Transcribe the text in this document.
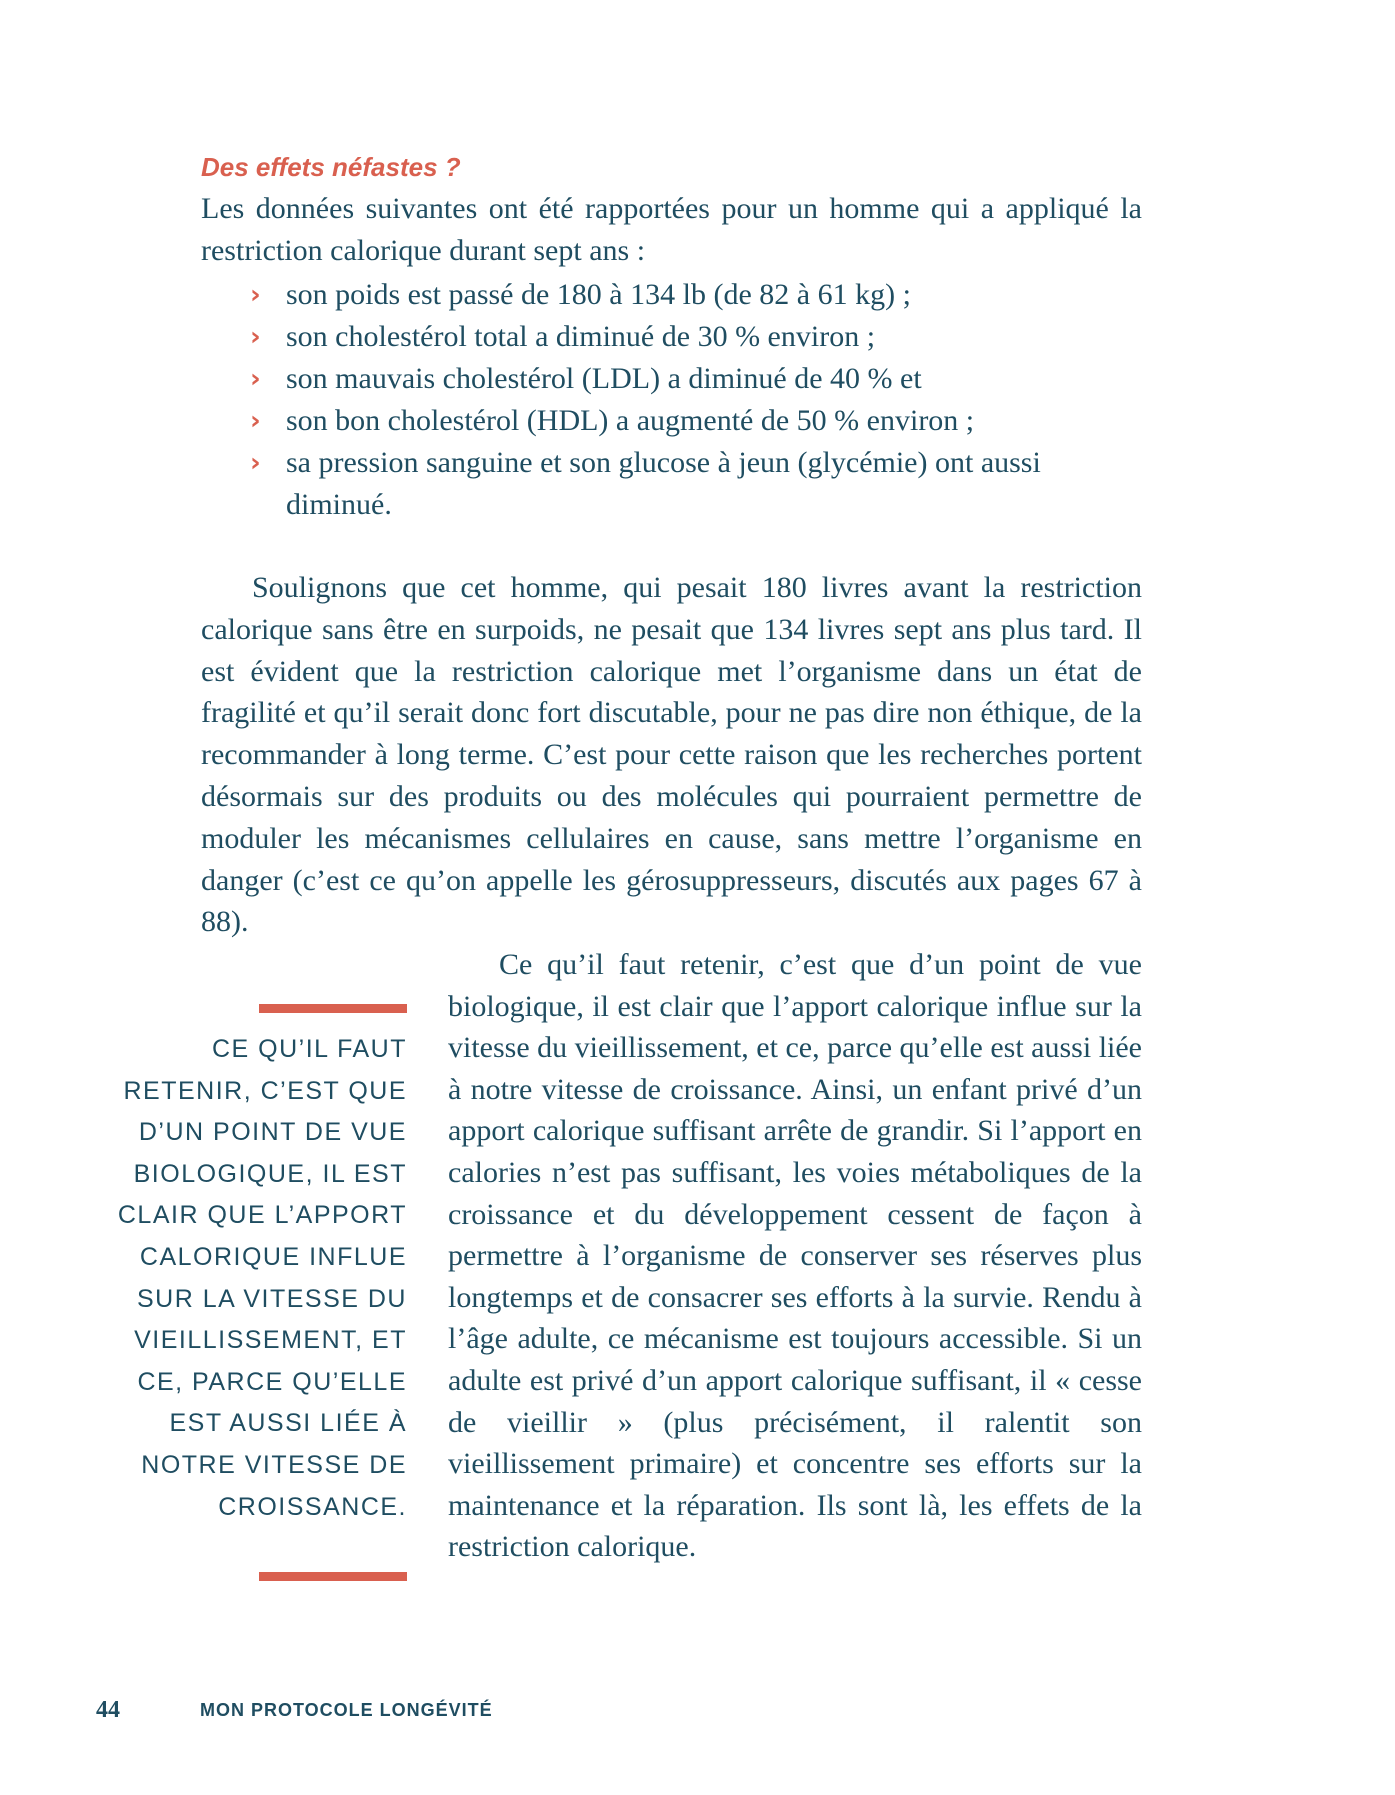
Des effets néfastes ?

Les données suivantes ont été rapportées pour un homme qui a appliqué la restriction calorique durant sept ans :

› son poids est passé de 180 à 134 lb (de 82 à 61 kg) ;
› son cholestérol total a diminué de 30 % environ ;
› son mauvais cholestérol (LDL) a diminué de 40 % et
› son bon cholestérol (HDL) a augmenté de 50 % environ ;
› sa pression sanguine et son glucose à jeun (glycémie) ont aussi diminué.

Soulignons que cet homme, qui pesait 180 livres avant la restriction calorique sans être en surpoids, ne pesait que 134 livres sept ans plus tard. Il est évident que la restriction calorique met l’organisme dans un état de fragilité et qu’il serait donc fort discutable, pour ne pas dire non éthique, de la recommander à long terme. C’est pour cette raison que les recherches portent désormais sur des produits ou des molécules qui pourraient permettre de moduler les mécanismes cellulaires en cause, sans mettre l’organisme en danger (c’est ce qu’on appelle les gérosuppresseurs, discutés aux pages 67 à 88).

CE QU’IL FAUT RETENIR, C’EST QUE D’UN POINT DE VUE BIOLOGIQUE, IL EST CLAIR QUE L’APPORT CALORIQUE INFLUE SUR LA VITESSE DU VIEILLISSEMENT, ET CE, PARCE QU’ELLE EST AUSSI LIÉE À NOTRE VITESSE DE CROISSANCE.

Ce qu’il faut retenir, c’est que d’un point de vue biologique, il est clair que l’apport calorique influe sur la vitesse du vieillissement, et ce, parce qu’elle est aussi liée à notre vitesse de croissance. Ainsi, un enfant privé d’un apport calorique suffisant arrête de grandir. Si l’apport en calories n’est pas suffisant, les voies métaboliques de la croissance et du développement cessent de façon à permettre à l’organisme de conserver ses réserves plus longtemps et de consacrer ses efforts à la survie. Rendu à l’âge adulte, ce mécanisme est toujours accessible. Si un adulte est privé d’un apport calorique suffisant, il « cesse de vieillir » (plus précisément, il ralentit son vieillissement primaire) et concentre ses efforts sur la maintenance et la réparation. Ils sont là, les effets de la restriction calorique.

44	MON PROTOCOLE LONGÉVITÉ
